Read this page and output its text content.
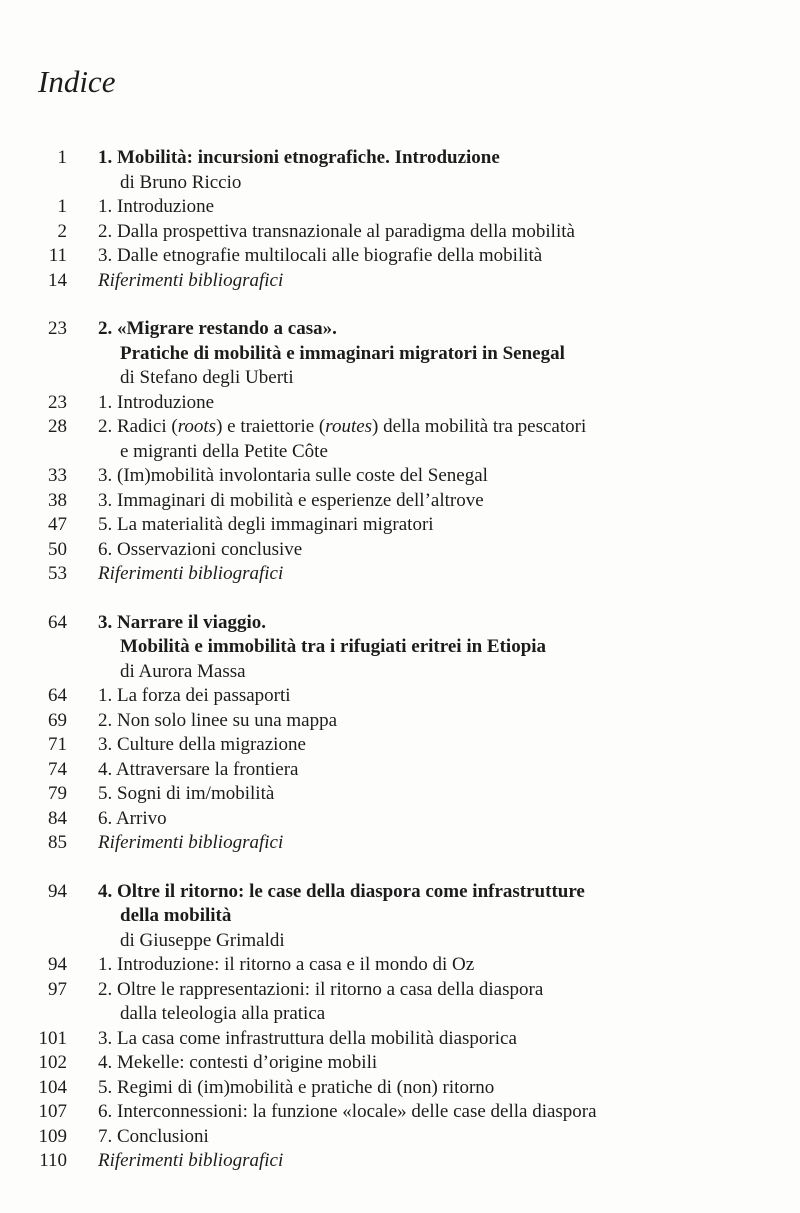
Indice
1 1. Mobilità: incursioni etnografiche. Introduzione
di Bruno Riccio
1 1. Introduzione
2 2. Dalla prospettiva transnazionale al paradigma della mobilità
11 3. Dalle etnografie multilocali alle biografie della mobilità
14 Riferimenti bibliografici
23 2. «Migrare restando a casa».
Pratiche di mobilità e immaginari migratori in Senegal
di Stefano degli Uberti
23 1. Introduzione
28 2. Radici (roots) e traiettorie (routes) della mobilità tra pescatori
e migranti della Petite Côte
33 3. (Im)mobilità involontaria sulle coste del Senegal
38 3. Immaginari di mobilità e esperienze dell’altrove
47 5. La materialità degli immaginari migratori
50 6. Osservazioni conclusive
53 Riferimenti bibliografici
64 3. Narrare il viaggio.
Mobilità e immobilità tra i rifugiati eritrei in Etiopia
di Aurora Massa
64 1. La forza dei passaporti
69 2. Non solo linee su una mappa
71 3. Culture della migrazione
74 4. Attraversare la frontiera
79 5. Sogni di im/mobilità
84 6. Arrivo
85 Riferimenti bibliografici
94 4. Oltre il ritorno: le case della diaspora come infrastrutture
della mobilità
di Giuseppe Grimaldi
94 1. Introduzione: il ritorno a casa e il mondo di Oz
97 2. Oltre le rappresentazioni: il ritorno a casa della diaspora
dalla teleologia alla pratica
101 3. La casa come infrastruttura della mobilità diasporica
102 4. Mekelle: contesti d’origine mobili
104 5. Regimi di (im)mobilità e pratiche di (non) ritorno
107 6. Interconnessioni: la funzione «locale» delle case della diaspora
109 7. Conclusioni
110 Riferimenti bibliografici
